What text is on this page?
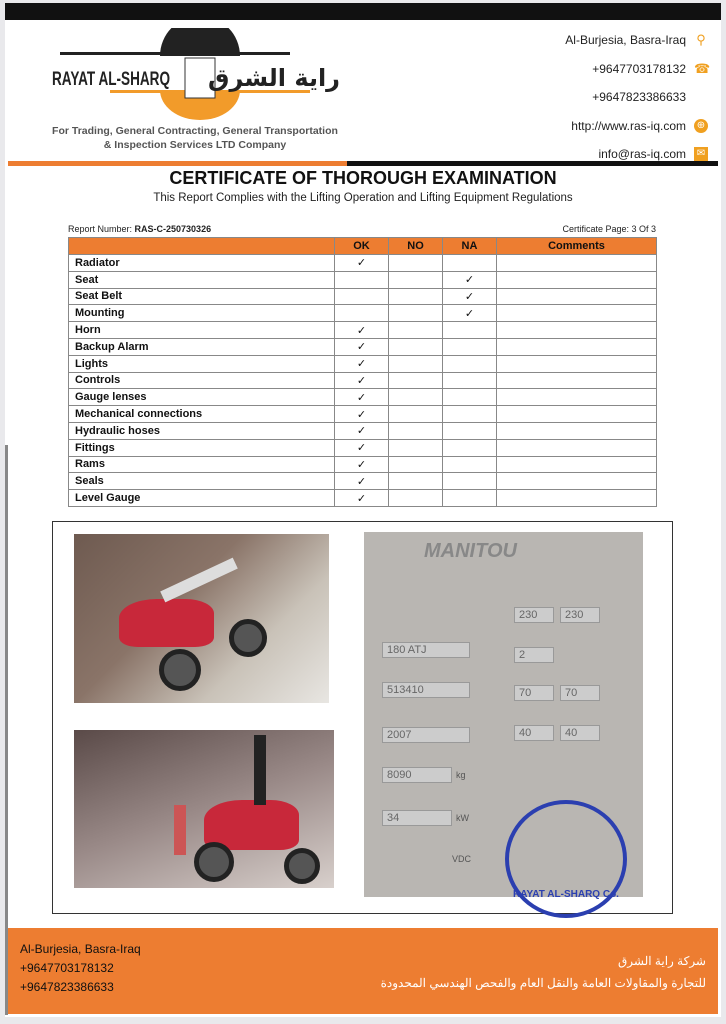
RAYAT AL-SHARQ راية الشرق
For Trading, General Contracting, General Transportation
& Inspection Services LTD Company
Al-Burjesia, Basra-Iraq ⚲
+9647703178132 ☎
+9647823386633
http://www.ras-iq.com ⊕
info@ras-iq.com ✉
CERTIFICATE OF THOROUGH EXAMINATION
This Report Complies with the Lifting Operation and Lifting Equipment Regulations
Report Number: RAS-C-250730326	Certificate Page: 3 Of 3
	OK	NO	NA	Comments
Radiator	✓			
Seat			✓	
Seat Belt			✓	
Mounting			✓	
Horn	✓			
Backup Alarm	✓			
Lights	✓			
Controls	✓			
Gauge lenses	✓			
Mechanical connections	✓			
Hydraulic hoses	✓			
Fittings	✓			
Rams	✓			
Seals	✓			
Level Gauge	✓			
MANITOU
180 ATJ
513410
2007
8090	kg
34	kW
VDC
230	230
2
70	70
40	40
RAYAT AL-SHARQ Co.
Al-Burjesia, Basra-Iraq
+9647703178132
+9647823386633
شركة راية الشرق
للتجارة والمقاولات العامة والنقل العام والفحص الهندسي المحدودة
